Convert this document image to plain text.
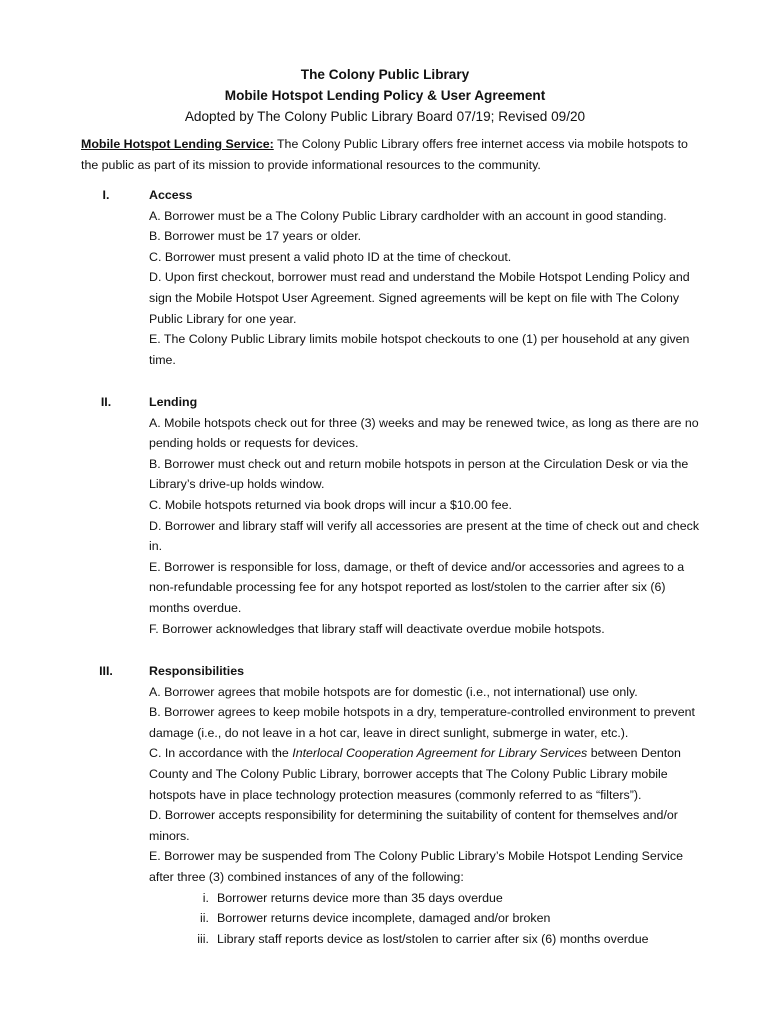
The Colony Public Library
Mobile Hotspot Lending Policy & User Agreement
Adopted by The Colony Public Library Board 07/19; Revised 09/20
Mobile Hotspot Lending Service: The Colony Public Library offers free internet access via mobile hotspots to the public as part of its mission to provide informational resources to the community.
I.	Access

A. Borrower must be a The Colony Public Library cardholder with an account in good standing.

B. Borrower must be 17 years or older.

C. Borrower must present a valid photo ID at the time of checkout.

D. Upon first checkout, borrower must read and understand the Mobile Hotspot Lending Policy and sign the Mobile Hotspot User Agreement. Signed agreements will be kept on file with The Colony Public Library for one year.

E. The Colony Public Library limits mobile hotspot checkouts to one (1) per household at any given time.

II.	Lending

A. Mobile hotspots check out for three (3) weeks and may be renewed twice, as long as there are no pending holds or requests for devices.

B. Borrower must check out and return mobile hotspots in person at the Circulation Desk or via the Library’s drive-up holds window.

C. Mobile hotspots returned via book drops will incur a $10.00 fee.

D. Borrower and library staff will verify all accessories are present at the time of check out and check in.

E. Borrower is responsible for loss, damage, or theft of device and/or accessories and agrees to a non-refundable processing fee for any hotspot reported as lost/stolen to the carrier after six (6) months overdue.

F. Borrower acknowledges that library staff will deactivate overdue mobile hotspots.

III.	Responsibilities

A. Borrower agrees that mobile hotspots are for domestic (i.e., not international) use only.

B. Borrower agrees to keep mobile hotspots in a dry, temperature-controlled environment to prevent damage (i.e., do not leave in a hot car, leave in direct sunlight, submerge in water, etc.).

C. In accordance with the Interlocal Cooperation Agreement for Library Services between Denton County and The Colony Public Library, borrower accepts that The Colony Public Library mobile hotspots have in place technology protection measures (commonly referred to as “filters”).

D. Borrower accepts responsibility for determining the suitability of content for themselves and/or minors.

E. Borrower may be suspended from The Colony Public Library’s Mobile Hotspot Lending Service after three (3) combined instances of any of the following:

i. Borrower returns device more than 35 days overdue
ii. Borrower returns device incomplete, damaged and/or broken
iii. Library staff reports device as lost/stolen to carrier after six (6) months overdue
